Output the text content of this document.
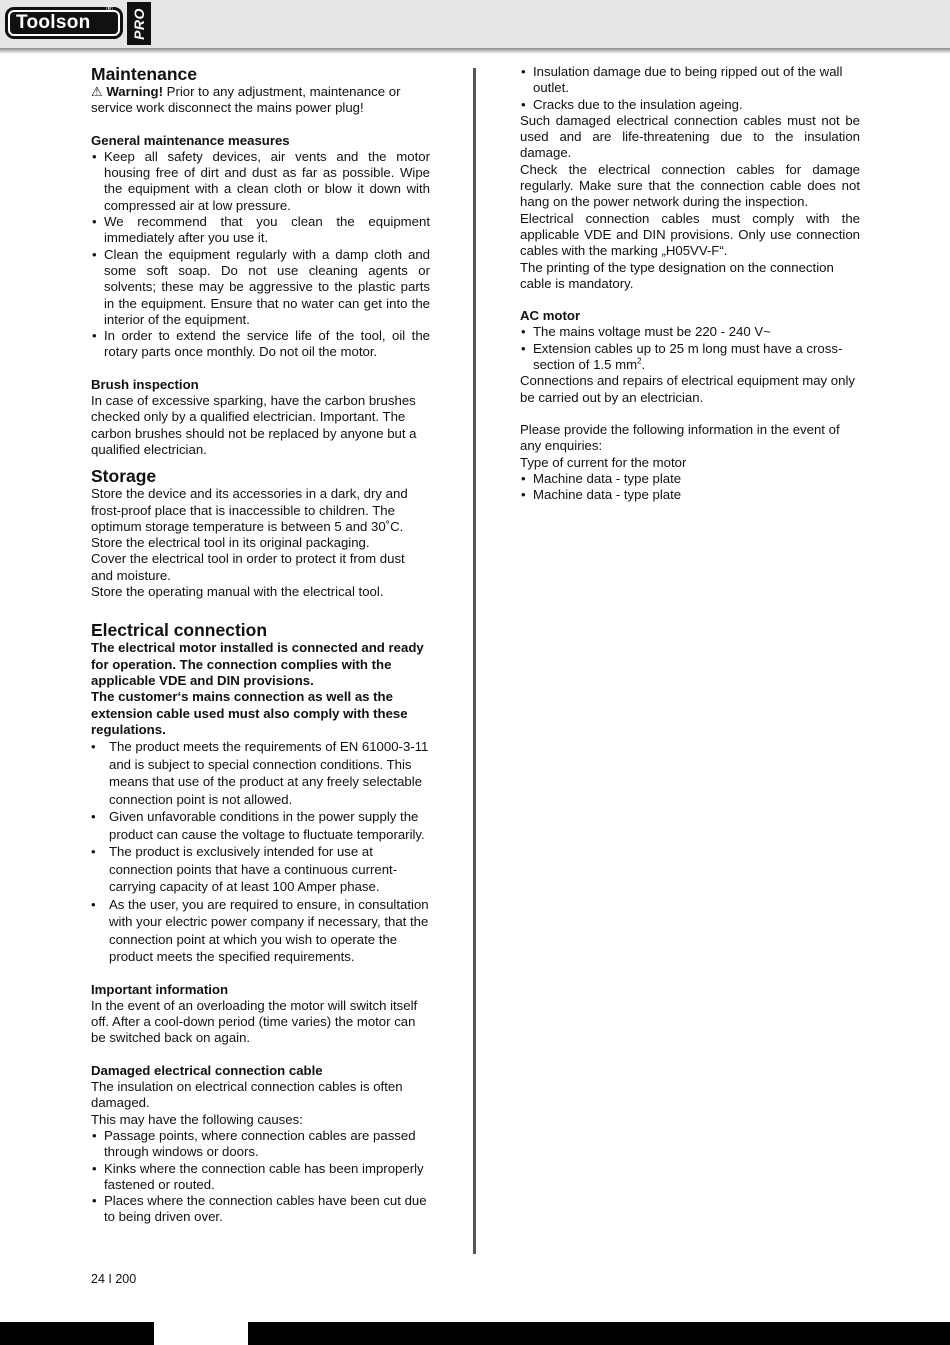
Toolson
® PRO
Maintenance

⚠ Warning! Prior to any adjustment, maintenance or service work disconnect the mains power plug!

General maintenance measures
• Keep all safety devices, air vents and the motor housing free of dirt and dust as far as possible. Wipe the equipment with a clean cloth or blow it down with compressed air at low pressure.
• We recommend that you clean the equipment immediately after you use it.
• Clean the equipment regularly with a damp cloth and some soft soap. Do not use cleaning agents or solvents; these may be aggressive to the plastic parts in the equipment. Ensure that no water can get into the interior of the equipment.
• In order to extend the service life of the tool, oil the rotary parts once monthly. Do not oil the motor.
Brush inspection

In case of excessive sparking, have the carbon brushes checked only by a qualified electrician. Important. The carbon brushes should not be replaced by anyone but a qualified electrician.

Storage

Store the device and its accessories in a dark, dry and frost-proof place that is inaccessible to children. The optimum storage temperature is between 5 and 30˚C. Store the electrical tool in its original packaging.

Cover the electrical tool in order to protect it from dust and moisture.

Store the operating manual with the electrical tool.

Electrical connection

The electrical motor installed is connected and ready for operation. The connection complies with the applicable VDE and DIN provisions.

The customer‘s mains connection as well as the extension cable used must also comply with these regulations.

• The product meets the requirements of EN 61000-3-11 and is subject to special connection conditions. This means that use of the product at any freely selectable connection point is not allowed.
• Given unfavorable conditions in the power supply the product can cause the voltage to fluctuate temporarily.
• The product is exclusively intended for use at connection points that have a continuous current-carrying capacity of at least 100 Amper phase.
• As the user, you are required to ensure, in consultation with your electric power company if necessary, that the connection point at which you wish to operate the product meets the specified requirements.
Important information

In the event of an overloading the motor will switch itself off. After a cool-down period (time varies) the motor can be switched back on again.

Damaged electrical connection cable

The insulation on electrical connection cables is often damaged.

This may have the following causes:

• Passage points, where connection cables are passed through windows or doors.
• Kinks where the connection cable has been improperly fastened or routed.
• Places where the connection cables have been cut due to being driven over.
• Insulation damage due to being ripped out of the wall outlet.
• Cracks due to the insulation ageing.

Such damaged electrical connection cables must not be used and are life-threatening due to the insulation damage.

Check the electrical connection cables for damage regularly. Make sure that the connection cable does not hang on the power network during the inspection.

Electrical connection cables must comply with the applicable VDE and DIN provisions. Only use connection cables with the marking „H05VV-F“.

The printing of the type designation on the connection cable is mandatory.

AC motor
• The mains voltage must be 220 - 240 V~
• Extension cables up to 25 m long must have a cross-section of 1.5 $mm^2$.

Connections and repairs of electrical equipment may only be carried out by an electrician.

Please provide the following information in the event of any enquiries:

Type of current for the motor

• Machine data - type plate
• Machine data - type plate
24 I 200
